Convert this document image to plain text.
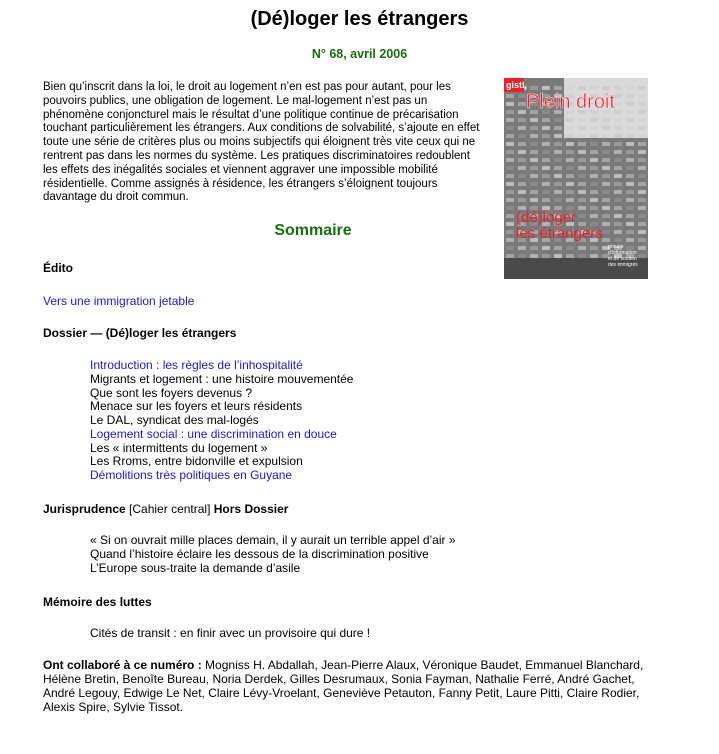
(Dé)loger les étrangers
N° 68, avril 2006
Bien qu’inscrit dans la loi, le droit au logement n’en est pas pour autant, pour les pouvoirs publics, une obligation de logement. Le mal-logement n’est pas un phénomène conjoncturel mais le résultat d’une politique continue de précarisation touchant particulièrement les étrangers. Aux conditions de solvabilité, s’ajoute en effet toute une série de critères plus ou moins subjectifs qui éloignent très vite ceux qui ne rentrent pas dans les normes du système. Les pratiques discriminatoires redoublent les effets des inégalités sociales et viennent aggraver une impossible mobilité résidentielle. Comme assignés à résidence, les étrangers s’éloignent toujours davantage du droit commun.
gisti,
Plein droit
(dé)loger
les étrangers
groupe
d'information
et de soutien
des immigrés
Sommaire
Édito
Vers une immigration jetable
Dossier — (Dé)loger les étrangers
Introduction : les règles de l’inhospitalité
Migrants et logement : une histoire mouvementée
Que sont les foyers devenus ?
Menace sur les foyers et leurs résidents
Le DAL, syndicat des mal-logés
Logement social : une discrimination en douce
Les « intermittents du logement »
Les Rroms, entre bidonville et expulsion
Démolitions très politiques en Guyane
Jurisprudence [Cahier central] Hors Dossier
« Si on ouvrait mille places demain, il y aurait un terrible appel d’air »
Quand l’histoire éclaire les dessous de la discrimination positive
L’Europe sous-traite la demande d’asile
Mémoire des luttes
Cités de transit : en finir avec un provisoire qui dure !
Ont collaboré à ce numéro : Mogniss H. Abdallah, Jean-Pierre Alaux, Véronique Baudet, Emmanuel Blanchard, Hélène Bretin, Benoîte Bureau, Noria Derdek, Gilles Desrumaux, Sonia Fayman, Nathalie Ferré, André Gachet, André Legouy, Edwige Le Net, Claire Lévy-Vroelant, Geneviève Petauton, Fanny Petit, Laure Pitti, Claire Rodier, Alexis Spire, Sylvie Tissot.
